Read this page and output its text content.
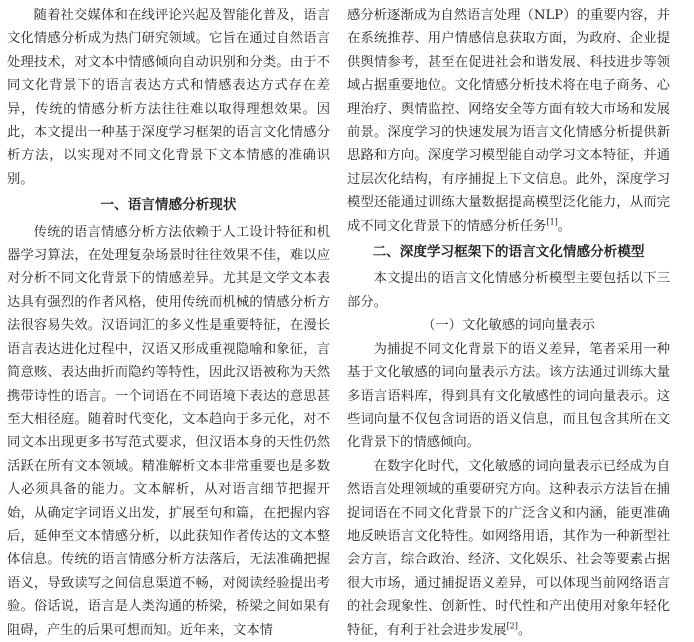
随着社交媒体和在线评论兴起及智能化普及，语言文化情感分析成为热门研究领域。它旨在通过自然语言处理技术，对文本中情感倾向自动识别和分类。由于不同文化背景下的语言表达方式和情感表达方式存在差异，传统的情感分析方法往往难以取得理想效果。因此，本文提出一种基于深度学习框架的语言文化情感分析方法，以实现对不同文化背景下文本情感的准确识别。

一、语言情感分析现状

传统的语言情感分析方法依赖于人工设计特征和机器学习算法，在处理复杂场景时往往效果不佳，难以应对分析不同文化背景下的情感差异。尤其是文学文本表达具有强烈的作者风格，使用传统而机械的情感分析方法很容易失效。汉语词汇的多义性是重要特征，在漫长语言表达进化过程中，汉语又形成重视隐喻和象征，言简意赅、表达曲折而隐约等特性，因此汉语被称为天然携带诗性的语言。一个词语在不同语境下表达的意思甚至大相径庭。随着时代变化，文本趋向于多元化，对不同文本出现更多书写范式要求，但汉语本身的天性仍然活跃在所有文本领域。精准解析文本非常重要也是多数人必须具备的能力。文本解析，从对语言细节把握开始，从确定字词语义出发，扩展至句和篇，在把握内容后，延伸至文本情感分析，以此获知作者传达的文本整体信息。传统的语言情感分析方法落后，无法准确把握语义，导致读写之间信息渠道不畅，对阅读经验提出考验。俗话说，语言是人类沟通的桥梁，桥梁之间如果有阻碍，产生的后果可想而知。近年来，文本情

感分析逐渐成为自然语言处理（NLP）的重要内容，并在系统推荐、用户情感信息获取方面，为政府、企业提供舆情参考，甚至在促进社会和谐发展、科技进步等领域占据重要地位。文化情感分析技术将在电子商务、心理治疗、舆情监控、网络安全等方面有较大市场和发展前景。深度学习的快速发展为语言文化情感分析提供新思路和方向。深度学习模型能自动学习文本特征，并通过层次化结构，有序捕捉上下文信息。此外，深度学习模型还能通过训练大量数据提高模型泛化能力，从而完成不同文化背景下的情感分析任务[1]。

二、深度学习框架下的语言文化情感分析模型

本文提出的语言文化情感分析模型主要包括以下三部分。

（一）文化敏感的词向量表示

为捕捉不同文化背景下的语义差异，笔者采用一种基于文化敏感的词向量表示方法。该方法通过训练大量多语言语料库，得到具有文化敏感性的词向量表示。这些词向量不仅包含词语的语义信息，而且包含其所在文化背景下的情感倾向。

在数字化时代，文化敏感的词向量表示已经成为自然语言处理领域的重要研究方向。这种表示方法旨在捕捉词语在不同文化背景下的广泛含义和内涵，能更准确地反映语言文化特性。如网络用语，其作为一种新型社会方言，综合政治、经济、文化娱乐、社会等要素占据很大市场，通过捕捉语义差异，可以体现当前网络语言的社会现象性、创新性、时代性和产出使用对象年轻化特征，有利于社会进步发展[2]。
